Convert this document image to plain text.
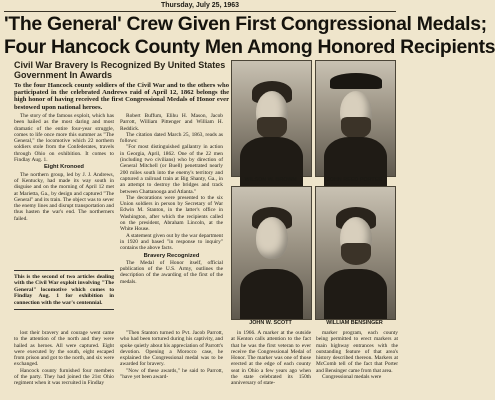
Thursday, July 25, 1963
'The General' Crew Given First Congressional Medals;
Four Hancock County Men Among Honored Recipients
Civil War Bravery Is Recognized By United States Government In Awards
To the four Hancock county soldiers of the Civil War and to the others who participated in the celebrated Andrews raid of April 12, 1862 belongs the high honor of having received the first Congressional Medals of Honor ever bestowed upon national heroes.

The story of the famous exploit, which has been hailed as the most daring and most dramatic of the entire four-year struggle, comes to life once more this summer as "The General," the locomotive which 22 northern soldiers stole from the Confederates, travels through Ohio on exhibition. It comes to Findlay Aug. 1.

Eight Kronoed

The northern group, led by J. J. Andrews, of Kentucky, had made its way south in disguise and on the morning of April 12 met at Marietta, Ga., by design and captured "The General" and its train. The object was to sever the enemy lines and disrupt transportation and thus hasten the war's end. The northerners failed.

This is the second of two articles dealing with the Civil War exploit involving "The General" locomotive which comes to Findlay Aug. 1 for exhibition in connection with the war's centennial.

Robert Buffum, Elihu H. Mason, Jacob Parrott, William Pittenger and William H. Reddick.

The citation dated March 25, 1863, reads as follows:

"For most distinguished gallantry in action in Georgia, April, 1862. One of the 22 men (including two civilians) who by direction of General Mitchell (or Buell) penetrated nearly 200 miles south into the enemy's territory and captured a railroad train at Big Shanty, Ga., in an attempt to destroy the bridges and track between Chattanooga and Atlanta."

The decorations were presented to the six Union soldiers in person by Secretary of War Edwin M. Stanton, in the latter's office in Washington, after which the recipients called on the president, Abraham Lincoln, at the White House.

A statement given out by the war department in 1920 and based "in response to inquiry" contains the above facts.

Bravery Recognized

The Medal of Honor itself, official publication of the U.S. Army, outlines the description of the awarding of the first of the medals.

lost their bravery and courage went came to the attention of the north and they were hailed as heroes. All were captured. Eight were executed by the south, eight escaped from prison and got to the north, and six were exchanged.

Hancock county furnished four members of the party. They had joined the 21st Ohio regiment when it was recruited in Findlay

"Then Stanton turned to Pvt. Jacob Parrott, who had been tortured during his captivity, and spoke quietly about his appreciation of Parrott's devotion. Opening a Morocco case, he explained the Congressional medal was to be awarded for bravery.

"Now of these awards," he said to Parrott, "have yet been award-

in 1966. A marker at the outside at Kenton calls attention to the fact that he was the first veteran to ever receive the Congressional Medal of Honor. The marker was one of those erected at the edge of each county seat in Ohio a few years ago when the state celebrated its 150th anniversary of state-

marker program, each county being permitted to erect markers at main highway entrances with the outstanding feature of that area's history described thereon. Markers at McComb tell of the fact that Porter and Bensinger came from that area.

Congressional medals were

WILSON W. BROWN	JOHN REED PORTER
JOHN W. SCOTT	WILLIAM BENSINGER
